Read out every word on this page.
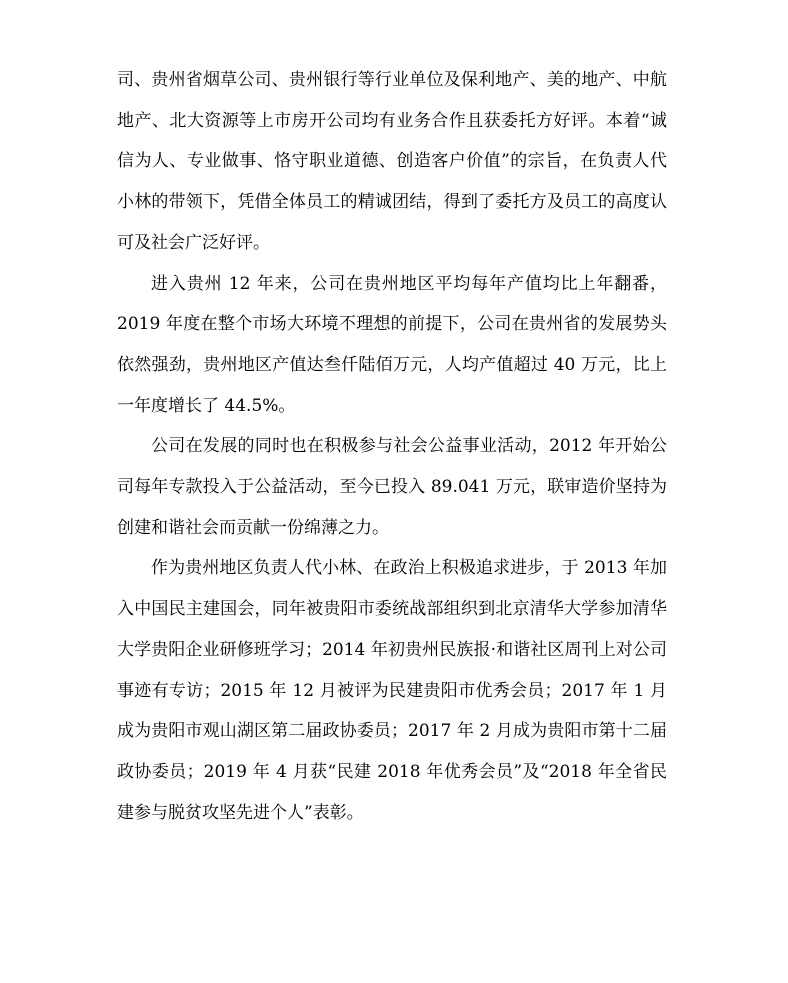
司、贵州省烟草公司、贵州银行等行业单位及保利地产、美的地产、中航地产、北大资源等上市房开公司均有业务合作且获委托方好评。本着“诚信为人、专业做事、恪守职业道德、创造客户价值”的宗旨，在负责人代小林的带领下，凭借全体员工的精诚团结，得到了委托方及员工的高度认可及社会广泛好评。

进入贵州 12 年来，公司在贵州地区平均每年产值均比上年翻番，2019 年度在整个市场大环境不理想的前提下，公司在贵州省的发展势头依然强劲，贵州地区产值达叁仟陆佰万元，人均产值超过 40 万元，比上一年度增长了 44.5%。

公司在发展的同时也在积极参与社会公益事业活动，2012 年开始公司每年专款投入于公益活动，至今已投入 89.041 万元，联审造价坚持为创建和谐社会而贡献一份绵薄之力。

作为贵州地区负责人代小林、在政治上积极追求进步，于 2013 年加入中国民主建国会，同年被贵阳市委统战部组织到北京清华大学参加清华大学贵阳企业研修班学习；2014 年初贵州民族报·和谐社区周刊上对公司事迹有专访；2015 年 12 月被评为民建贵阳市优秀会员；2017 年 1 月成为贵阳市观山湖区第二届政协委员；2017 年 2 月成为贵阳市第十二届政协委员；2019 年 4 月获“民建 2018 年优秀会员”及“2018 年全省民建参与脱贫攻坚先进个人”表彰。
